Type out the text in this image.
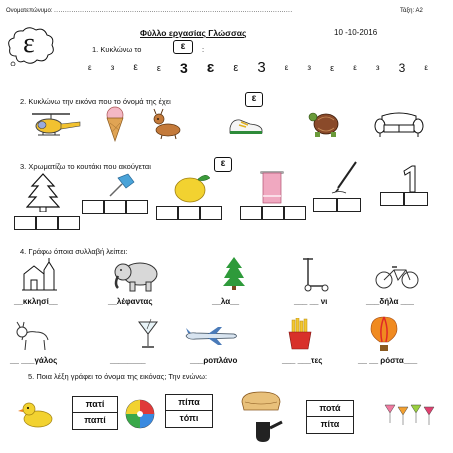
Ονοματεπώνυμο: ..............................................................................................................	Τάξη: Α2
ε	Φύλλο εργασίας Γλώσσας	10 -10-2016
1. Κυκλώνω το	ε	:
ε з ε ε 3 ɛ ε 3 ε з ε ε з 3 ε
2. Κυκλώνω την εικόνα που το όνομά της έχει	ε
3. Χρωματίζω το κουτάκι που ακούγεται	ε
4. Γράφω όποια συλλαβή λείπει:
__κκλησί__	__λέφαντας	__λα__	___ __ νι	___δήλα ___
__ ___γάλος	________	___ροπλάνο	___ ___τες	__ __ ρόστα___
5. Ποια λέξη γράφει το όνομα της εικόνας; Την ενώνω:
πατί
παπί
πίπα
τόπι
ποτά
πίτα
